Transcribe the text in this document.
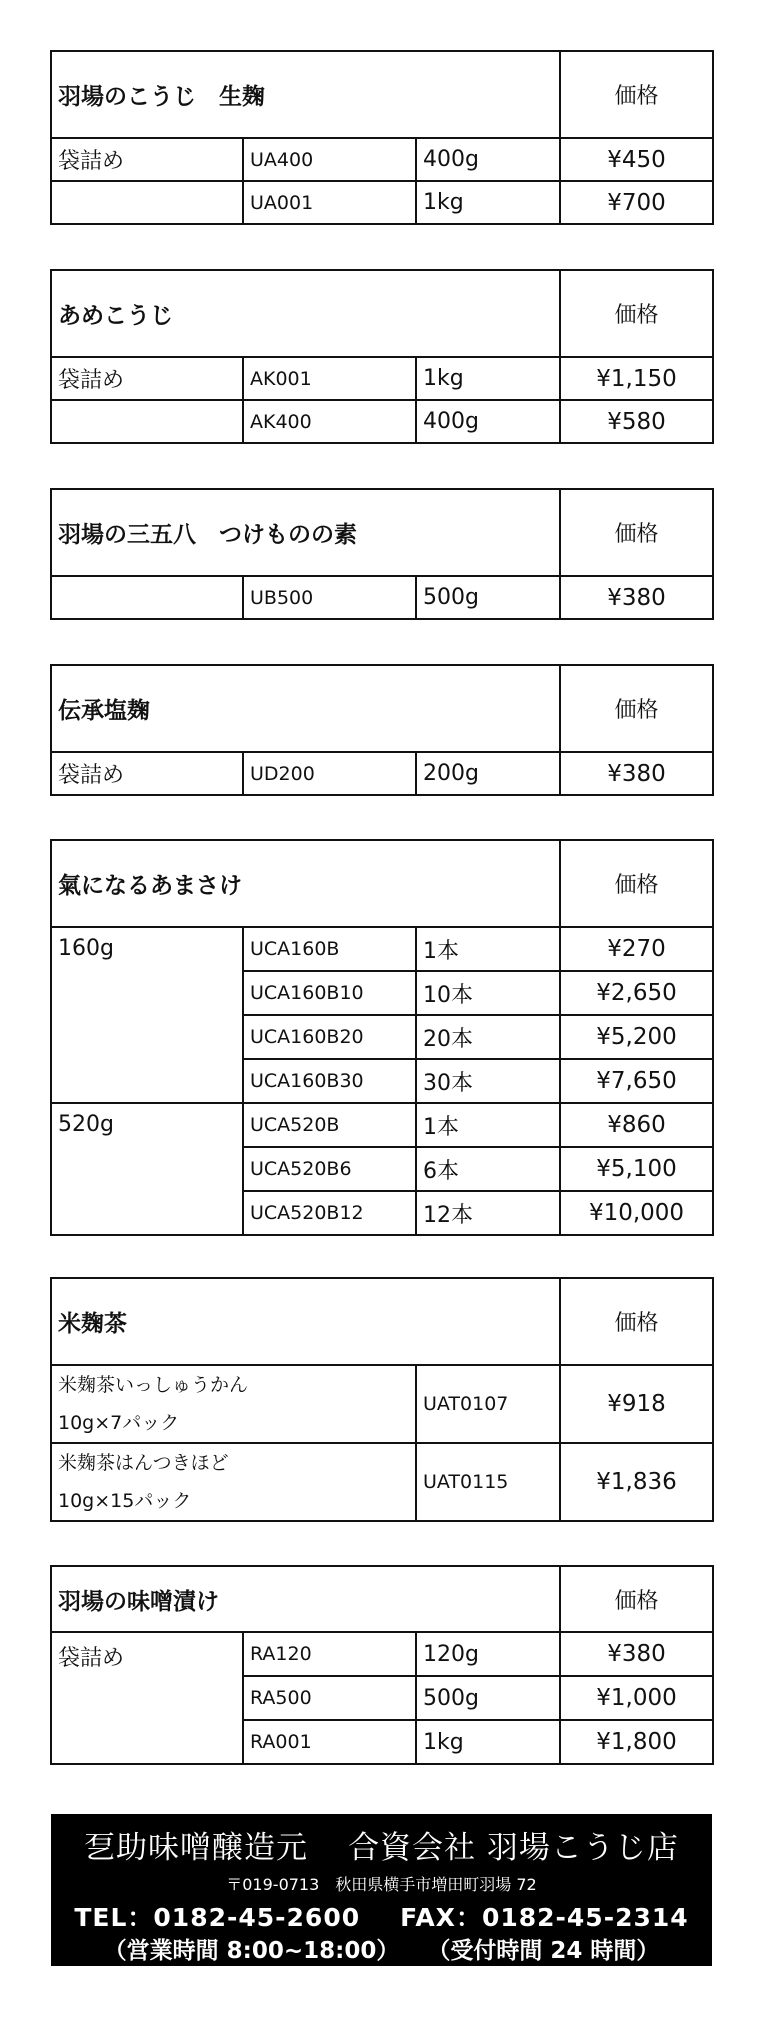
羽場のこうじ　生麹			価格
袋詰め	UA400	400g	¥450
	UA001	1kg	¥700
あめこうじ			価格
袋詰め	AK001	1kg	¥1,150
	AK400	400g	¥580
羽場の三五八　つけものの素			価格
	UB500	500g	¥380
伝承塩麹			価格
袋詰め	UD200	200g	¥380
氣になるあまさけ			価格
160g	UCA160B	1本	¥270
	UCA160B10	10本	¥2,650
	UCA160B20	20本	¥5,200
	UCA160B30	30本	¥7,650
520g	UCA520B	1本	¥860
	UCA520B6	6本	¥5,100
	UCA520B12	12本	¥10,000
米麹茶		価格

米麹茶いっしゅうかん
10g×7パック	UAT0107	¥918

米麹茶はんつきほど
10g×15パック	UAT0115	¥1,836
羽場の味噌漬け			価格
袋詰め	RA120	120g	¥380
	RA500	500g	¥1,000
	RA001	1kg	¥1,800
乭助味噌醸造元 合資会社 羽場こうじ店
〒019-0713　秋田県横手市増田町羽場 72
TEL：0182-45-2600 FAX：0182-45-2314
（営業時間 8:00~18:00） （受付時間 24 時間）
